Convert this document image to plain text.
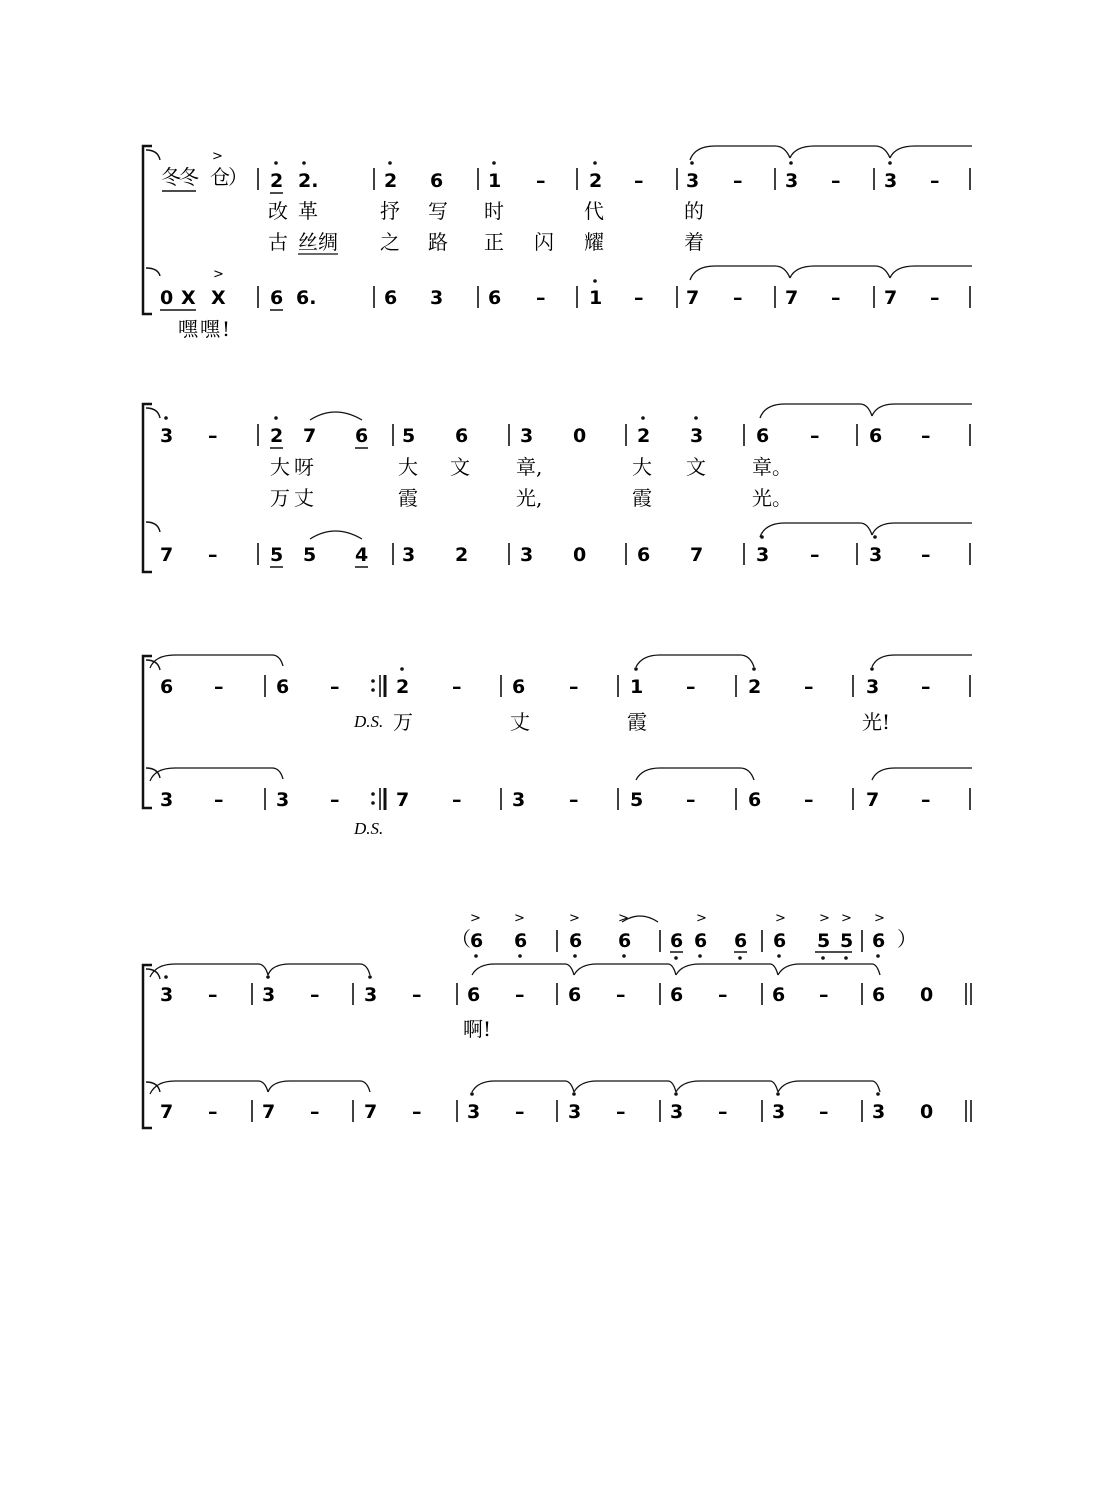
冬
冬
>
仓
） 2 2.	2 6 1 – 2 – 3 – 3 – 3 –
改 革	抒 写 时	代	的
古 丝 绸 之 路 正 闪 耀	着
>
0 X X 6 6.	6 3 6 – 1 – 7 – 7 – 7 –
嘿 嘿 !
3 –	2 7 6 5 6	3 0	2 3	6 –	6 –
大 呀	大 文 章,	大 文 章。
万 丈	霞	光,	霞	光。
7 –	5 5 4 3 2	3 0	6 7	3 –	3 –
6 –	6 –	2 –	6 –	1 –	2 –	3 –
D.S. 万	丈	霞	光!
3 –	3 –	7 –	3 –	5 –	6 –	7 –
D.S.
（
>	>	>	>	>	>	> > >
6 6 6 6 6 6 6 6 5 5 6 ）
3 – 3 – 3 – 6 – 6 – 6 – 6 – 6 0
啊!
7 – 7 – 7 – 3 – 3 – 3 – 3 – 3 0
